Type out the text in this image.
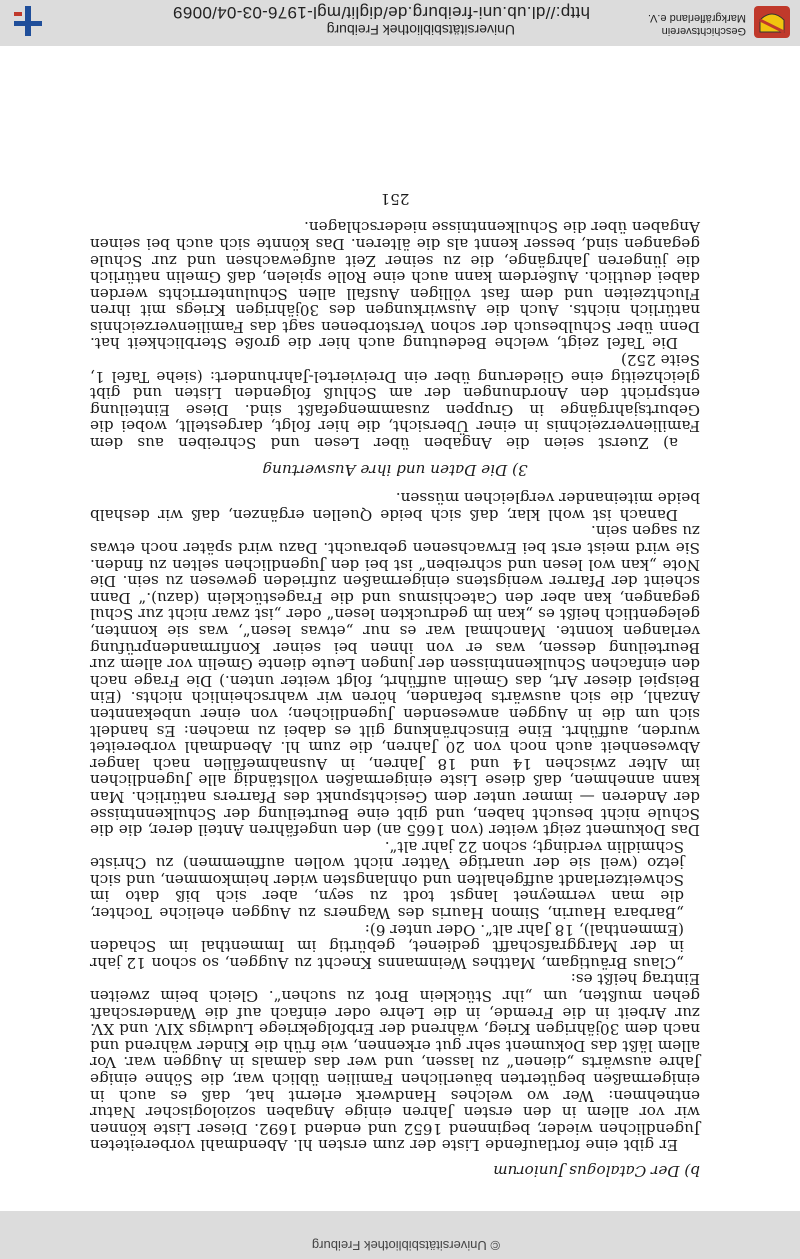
© Universitätsbibliothek Freiburg

b) Der Catalogus Juniorum

Er gibt eine fortlaufende Liste der zum ersten hl. Abendmahl vorbereiteten Jugendlichen wieder, beginnend 1652 und endend 1692. Dieser Liste können wir vor allem in den ersten Jahren einige Angaben soziologischer Natur entnehmen: Wer wo welches Handwerk erlernt hat, daß es auch in einigermaßen begüterten bäuerlichen Familien üblich war, die Söhne einige Jahre auswärts „dienen“ zu lassen, und wer das damals in Auggen war. Vor allem läßt das Dokument sehr gut erkennen, wie früh die Kinder während und nach dem 30jährigen Krieg, während der Erbfolgekriege Ludwigs XIV. und XV. zur Arbeit in die Fremde, in die Lehre oder einfach auf die Wanderschaft gehen mußten, um „ihr Stücklein Brot zu suchen“. Gleich beim zweiten Eintrag heißt es:

„Claus Bräutigam, Matthes Weinmanns Knecht zu Auggen, so schon 12 jahr in der Marggrafschafft gedienet, gebürtig im Immenthal im Schaden (Emmenthal), 18 Jahr alt“. Oder unter 6):

„Barbara Haurin, Simon Hauris des Wagners zu Auggen eheliche Tochter, die man vermeynet langst todt zu seyn, aber sich biß dato im Schweitzerlandt auffgehalten und ohnlangsten wider heimkommen, und sich jetzo (weil sie der unartige Vatter nicht wollen auffnemmen) zu Christe Schmidlin verdingt; schon 22 jahr alt“.

Das Dokument zeigt weiter (von 1665 an) den ungefähren Anteil derer, die die Schule nicht besucht haben, und gibt eine Beurteilung der Schulkenntnisse der Anderen — immer unter dem Gesichtspunkt des Pfarrers natürlich. Man kann annehmen, daß diese Liste einigermaßen vollständig alle Jugendlichen im Alter zwischen 14 und 18 Jahren, in Ausnahmefällen nach langer Abwesenheit auch noch von 20 Jahren, die zum hl. Abendmahl vorbereitet wurden, aufführt. Eine Einschränkung gilt es dabei zu machen: Es handelt sich um die in Auggen anwesenden Jugendlichen; von einer unbekannten Anzahl, die sich auswärts befanden, hören wir wahrscheinlich nichts. (Ein Beispiel dieser Art, das Gmelin aufführt, folgt weiter unten.) Die Frage nach den einfachen Schulkenntnissen der jungen Leute diente Gmelin vor allem zur Beurteilung dessen, was er von ihnen bei seiner Konfirmandenprüfung verlangen konnte. Manchmal war es nur „etwas lesen“, was sie konnten, gelegentlich heißt es „kan im gedruckten lesen“ oder „ist zwar nicht zur Schul gegangen, kan aber den Catechismus und die Fragestücklein (dazu).“ Dann scheint der Pfarrer wenigstens einigermaßen zufrieden gewesen zu sein. Die Note „kan wol lesen und schreiben“ ist bei den Jugendlichen selten zu finden. Sie wird meist erst bei Erwachsenen gebraucht. Dazu wird später noch etwas zu sagen sein.

Danach ist wohl klar, daß sich beide Quellen ergänzen, daß wir deshalb beide miteinander vergleichen müssen.

3) Die Daten und ihre Auswertung

a) Zuerst seien die Angaben über Lesen und Schreiben aus dem Familienverzeichnis in einer Übersicht, die hier folgt, dargestellt, wobei die Geburtsjahrgänge in Gruppen zusammengefaßt sind. Diese Einteilung entspricht den Anordnungen der am Schluß folgenden Listen und gibt gleichzeitig eine Gliederung über ein Dreiviertel-Jahrhundert: (siehe Tafel 1, Seite 252)

Die Tafel zeigt, welche Bedeutung auch hier die große Sterblichkeit hat. Denn über Schulbesuch der schon Verstorbenen sagt das Familienverzeichnis natürlich nichts. Auch die Auswirkungen des 30jährigen Kriegs mit ihren Fluchtzeiten und dem fast völligen Ausfall allen Schulunterrichts werden dabei deutlich. Außerdem kann auch eine Rolle spielen, daß Gmelin natürlich die jüngeren Jahrgänge, die zu seiner Zeit aufgewachsen und zur Schule gegangen sind, besser kennt als die älteren. Das könnte sich auch bei seinen Angaben über die Schulkenntnisse niederschlagen.

251

Geschichtsverein
Markgräflerland e.V.
Universitätsbibliothek Freiburg
http://dl.ub.uni-freiburg.de/diglit/mgl-1976-03-04/0069
